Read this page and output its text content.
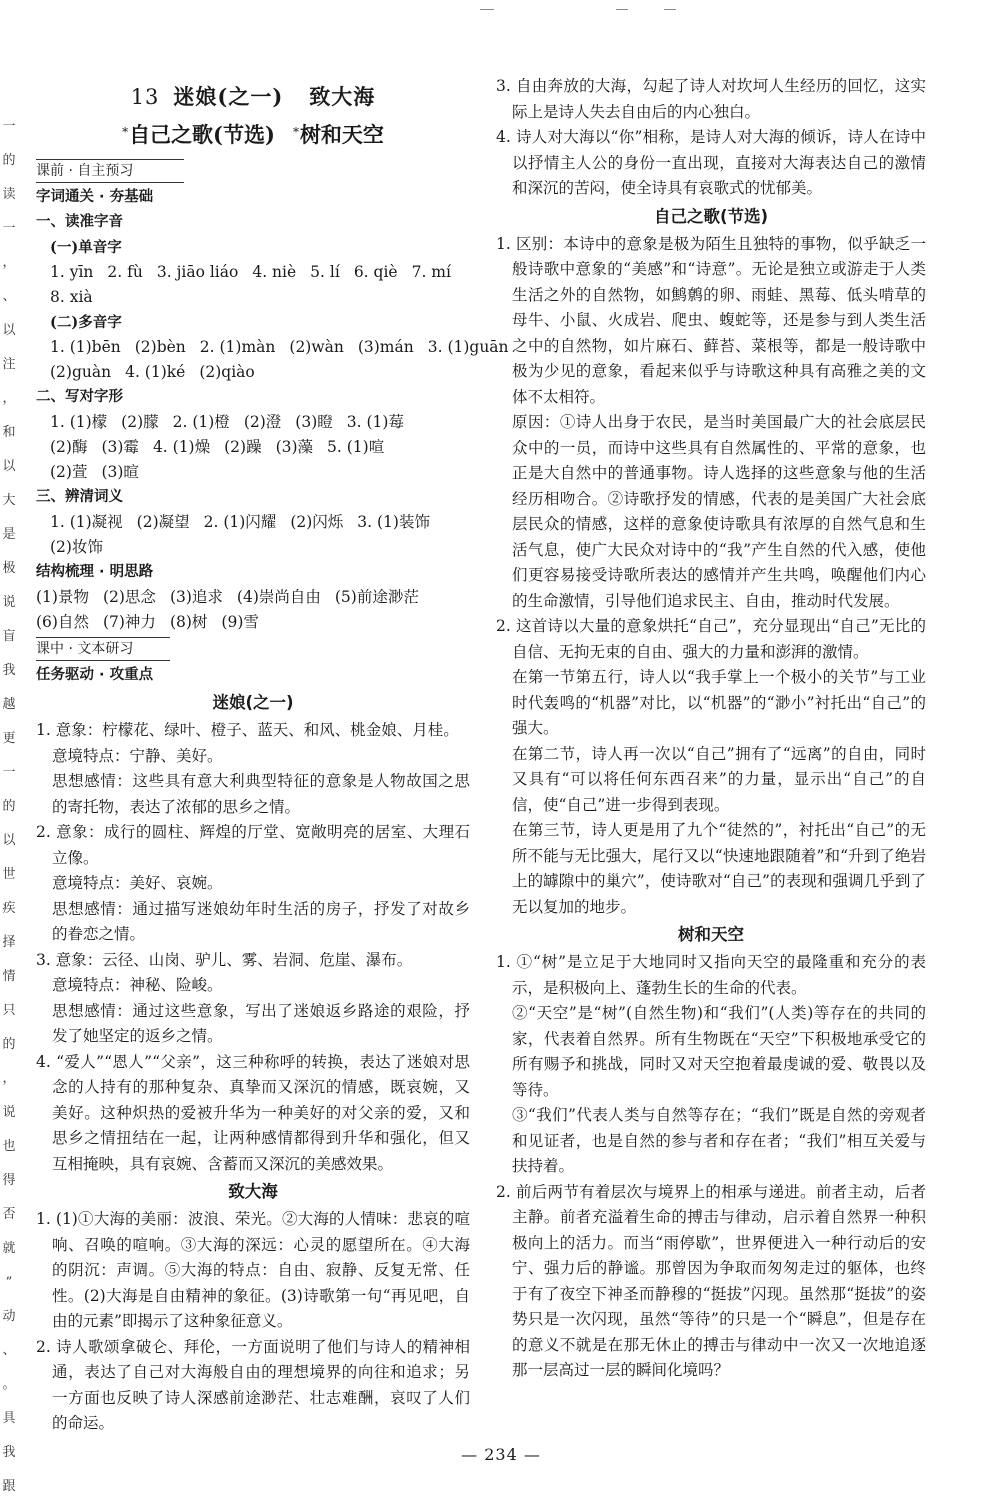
一
的
读
一
，
、
以
注
，
和
以
大
是
极
说
盲
我
越
更
一
的
以
世
疾
择
情
只
的
，
说
也
得
否
就
”
动
、
。
具
我
跟
13 迷娘(之一) 致大海
*自己之歌(节选) *树和天空
课前 · 自主预习
字词通关 · 夯基础
一、读准字音
(一)单音字
1. yīn 2. fù 3. jiāo liáo 4. niè 5. lí 6. qiè 7. mí
8. xià
(二)多音字
1. (1)bēn (2)bèn 2. (1)màn (2)wàn (3)mán 3. (1)guān
(2)guàn 4. (1)ké (2)qiào
二、写对字形
1. (1)檬 (2)朦 2. (1)橙 (2)澄 (3)瞪 3. (1)莓
(2)酶 (3)霉 4. (1)燥 (2)躁 (3)藻 5. (1)喧
(2)萱 (3)暄
三、辨清词义
1. (1)凝视 (2)凝望 2. (1)闪耀 (2)闪烁 3. (1)装饰
(2)妆饰
结构梳理 · 明思路
(1)景物 (2)思念 (3)追求 (4)崇尚自由 (5)前途渺茫
(6)自然 (7)神力 (8)树 (9)雪
课中 · 文本研习
任务驱动 · 攻重点
迷娘(之一)
1. 意象：柠檬花、绿叶、橙子、蓝天、和风、桃金娘、月桂。
意境特点：宁静、美好。
思想感情：这些具有意大利典型特征的意象是人物故国之思的寄托物，表达了浓郁的思乡之情。
2. 意象：成行的圆柱、辉煌的厅堂、宽敞明亮的居室、大理石立像。
意境特点：美好、哀婉。
思想感情：通过描写迷娘幼年时生活的房子，抒发了对故乡的眷恋之情。
3. 意象：云径、山岗、驴儿、雾、岩洞、危崖、瀑布。
意境特点：神秘、险峻。
思想感情：通过这些意象，写出了迷娘返乡路途的艰险，抒发了她坚定的返乡之情。
4. “爱人”“恩人”“父亲”，这三种称呼的转换，表达了迷娘对思念的人持有的那种复杂、真挚而又深沉的情感，既哀婉，又美好。这种炽热的爱被升华为一种美好的对父亲的爱，又和思乡之情扭结在一起，让两种感情都得到升华和强化，但又互相掩映，具有哀婉、含蓄而又深沉的美感效果。
致大海
1. (1)①大海的美丽：波浪、荣光。②大海的人情味：悲哀的喧响、召唤的喧响。③大海的深远：心灵的愿望所在。④大海的阴沉：声调。⑤大海的特点：自由、寂静、反复无常、任性。(2)大海是自由精神的象征。(3)诗歌第一句“再见吧，自由的元素”即揭示了这种象征意义。
2. 诗人歌颂拿破仑、拜伦，一方面说明了他们与诗人的精神相通，表达了自己对大海般自由的理想境界的向往和追求；另一方面也反映了诗人深感前途渺茫、壮志难酬，哀叹了人们的命运。
3. 自由奔放的大海，勾起了诗人对坎坷人生经历的回忆，这实际上是诗人失去自由后的内心独白。
4. 诗人对大海以“你”相称，是诗人对大海的倾诉，诗人在诗中以抒情主人公的身份一直出现，直接对大海表达自己的激情和深沉的苦闷，使全诗具有哀歌式的忧郁美。
自己之歌(节选)
1. 区别：本诗中的意象是极为陌生且独特的事物，似乎缺乏一般诗歌中意象的“美感”和“诗意”。无论是独立或游走于人类生活之外的自然物，如鹪鹩的卵、雨蛙、黑莓、低头啃草的母牛、小鼠、火成岩、爬虫、蝮蛇等，还是参与到人类生活之中的自然物，如片麻石、藓苔、菜根等，都是一般诗歌中极为少见的意象，看起来似乎与诗歌这种具有高雅之美的文体不太相符。
原因：①诗人出身于农民，是当时美国最广大的社会底层民众中的一员，而诗中这些具有自然属性的、平常的意象，也正是大自然中的普通事物。诗人选择的这些意象与他的生活经历相吻合。②诗歌抒发的情感，代表的是美国广大社会底层民众的情感，这样的意象使诗歌具有浓厚的自然气息和生活气息，使广大民众对诗中的“我”产生自然的代入感，使他们更容易接受诗歌所表达的感情并产生共鸣，唤醒他们内心的生命激情，引导他们追求民主、自由，推动时代发展。
2. 这首诗以大量的意象烘托“自己”，充分显现出“自己”无比的自信、无拘无束的自由、强大的力量和澎湃的激情。
在第一节第五行，诗人以“我手掌上一个极小的关节”与工业时代轰鸣的“机器”对比，以“机器”的“渺小”衬托出“自己”的强大。
在第二节，诗人再一次以“自己”拥有了“远离”的自由，同时又具有“可以将任何东西召来”的力量，显示出“自己”的自信，使“自己”进一步得到表现。
在第三节，诗人更是用了九个“徒然的”，衬托出“自己”的无所不能与无比强大，尾行又以“快速地跟随着”和“升到了绝岩上的罅隙中的巢穴”，使诗歌对“自己”的表现和强调几乎到了无以复加的地步。
树和天空
1. ①“树”是立足于大地同时又指向天空的最隆重和充分的表示，是积极向上、蓬勃生长的生命的代表。
②“天空”是“树”(自然生物)和“我们”(人类)等存在的共同的家，代表着自然界。所有生物既在“天空”下积极地承受它的所有赐予和挑战，同时又对天空抱着最虔诚的爱、敬畏以及等待。
③“我们”代表人类与自然等存在；“我们”既是自然的旁观者和见证者，也是自然的参与者和存在者；“我们”相互关爱与扶持着。
2. 前后两节有着层次与境界上的相承与递进。前者主动，后者主静。前者充溢着生命的搏击与律动，启示着自然界一种积极向上的活力。而当“雨停歇”，世界便进入一种行动后的安宁、强力后的静谧。那曾因为争取而匆匆走过的躯体，也终于有了夜空下神圣而静穆的“挺拔”闪现。虽然那“挺拔”的姿势只是一次闪现，虽然“等待”的只是一个“瞬息”，但是存在的意义不就是在那无休止的搏击与律动中一次又一次地追逐那一层高过一层的瞬间化境吗？
— 234 —
